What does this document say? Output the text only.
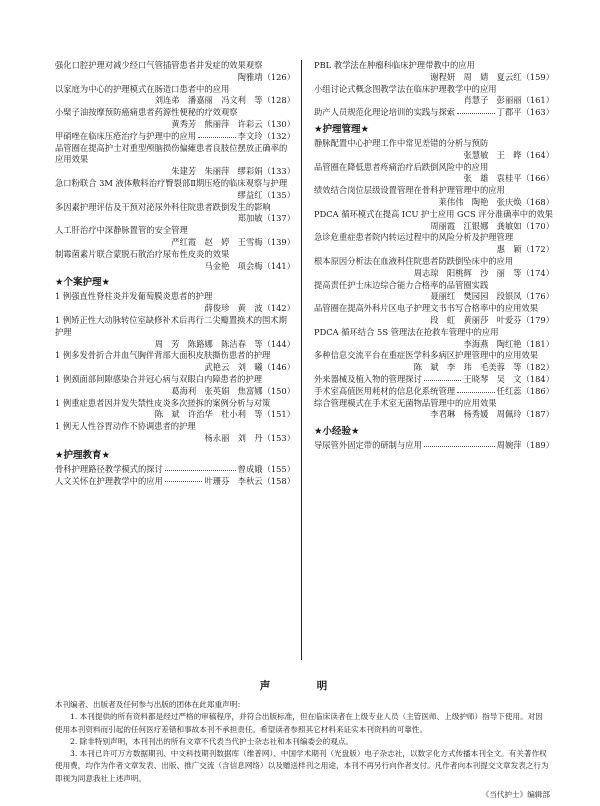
强化口腔护理对减少经口气管插管患者并发症的效果观察
陶雅靖（126）
以家庭为中心的护理模式在肠造口患者中的应用
刘连弟　潘嘉丽　冯文利　等（128）
小檗子油按摩预防癌痛患者药源性便秘的疗效观察
黄秀芳　熊丽萍　许彩云（130）
甲硝唑在临床压疮治疗与护理中的应用	李文玲（132）
品管圈在提高护士对重型颅脑损伤偏瘫患者良肢位摆放正确率的应用效果
朱建芳　朱丽萍　缪彩娟（133）
急口粉联合 3M 液体敷料治疗臀裂部Ⅱ期压疮的临床观察与护理
缪益红（135）
多因素护理评估及干预对泌尿外科住院患者跌倒发生的影响
郑加敏（137）
人工肝治疗中深静脉置管的安全管理
严红霞　赵　婷　王雪梅（139）
制霉菌素片联合蒙脱石散治疗尿布性皮炎的效果
马金艳　项会梅（141）
★个案护理★
1 例强直性脊柱炎并发葡萄膜炎患者的护理
薛俊珍　黄　波（142）
1 例矫正性大动脉转位室缺修补术后再行二尖瓣置换术的围术期护理
周　芳　陈路娜　陈洁春　等（144）
1 例多发骨折合并血气胸伴背部大面积皮肤撕伤患者的护理
武艳云　刘　曦（146）
1 例颈面部间隙感染合并冠心病与双眼白内障患者的护理
葛海利　张英娟　焦富娜（150）
1 例重症患者因并发失禁性皮炎多次搓拆的案例分析与对策
陈　斌　许治华　杜小利　等（151）
1 例无人性谷胃动作不协调患者的护理
杨永丽　刘　丹（153）
★护理教育★
骨科护理路径教学模式的探讨	曾成娥（155）
人文关怀在护理教学中的应用	叶珊芬　李秋云（158）
PBL 教学法在肿瘤科临床护理带教中的应用
谢程妍　周　婧　夏云红（159）
小组讨论式概念图教学法在临床护理教学中的应用
肖慧子　彭丽丽（161）
助产人员规范化理论培训的实践与探索	丁郡平（163）
★护理管理★
静脉配置中心护理工作中常见差错的分析与预防
张慧敏　王　晔（164）
品管圈在降低患者疼痛治疗后跌倒风险中的应用
张　雄　袁桂平（166）
绩效结合岗位层级设置管理在骨科护理管理中的应用
莱伟伟　陶艳　张庆焕（168）
PDCA 循环模式在提高 ICU 护士应用 GCS 评分准确率中的效果
周丽霞　江银娜　龚敏如（170）
急诊危重症患者院内转运过程中的风险分析及护理管理
惠　颖（172）
根本原因分析法在血液科住院患者防跌倒坠床中的应用
周志琼　阳桃辉　沙　丽　等（174）
提高责任护士床边综合能力合格率的品管圈实践
聂丽红　樊园园　段银凤（176）
品管圈在提高外科片区电子护理文书书写合格率中的应用效果
段　虹　黄丽莎　叶爱芬（179）
PDCA 循环结合 5S 管理法在抢救车管理中的应用
李海燕　陶红艳（181）
多种信息交流平台在重症医学科多病区护理管理中的应用效果
陈　斌　李　玮　毛美蓉　等（182）
外来器械及植入物的管理探讨	王晓琴　吴　文（184）
手术室高值医用耗材的信息化系统管理	任红蕊（186）
综合管理模式在手术室无菌物品管理中的应用效果
李君琳　杨秀媛　周佩玲（187）
★小经验★
导尿管外固定带的研制与应用	周婉萍（189）
声　明

本刊编者、出版者及任何参与出版的团体在此郑重声明：

1. 本刊提供的所有资料都是经过严格的审稿程序，并符合出版标准，但在临床读者在上级专业人员（主管医师、上级护师）指导下使用。对因使用本刊资料而引起的任何医疗差错和事故本刊不承担责任。希望读者参照其它材料来证实本刊资料的可靠性。

2. 除非特别声明，本刊刊出的所有文章不代表当代护士杂志社和本刊编委会的观点。

3. 本刊已许可万方数据期刊、中文科技期刊数据库（维普网）、中国学术期刊（光盘版）电子杂志社，以数字化方式传播本刊全文。有关著作权使用费，均作为作者文章发表、出版、推广交流（含信息网络）以及赠送样刊之用途，本刊不再另行向作者支付。凡作者向本刊提交文章发表之行为即视为同意我社上述声明。

《当代护士》编辑部
